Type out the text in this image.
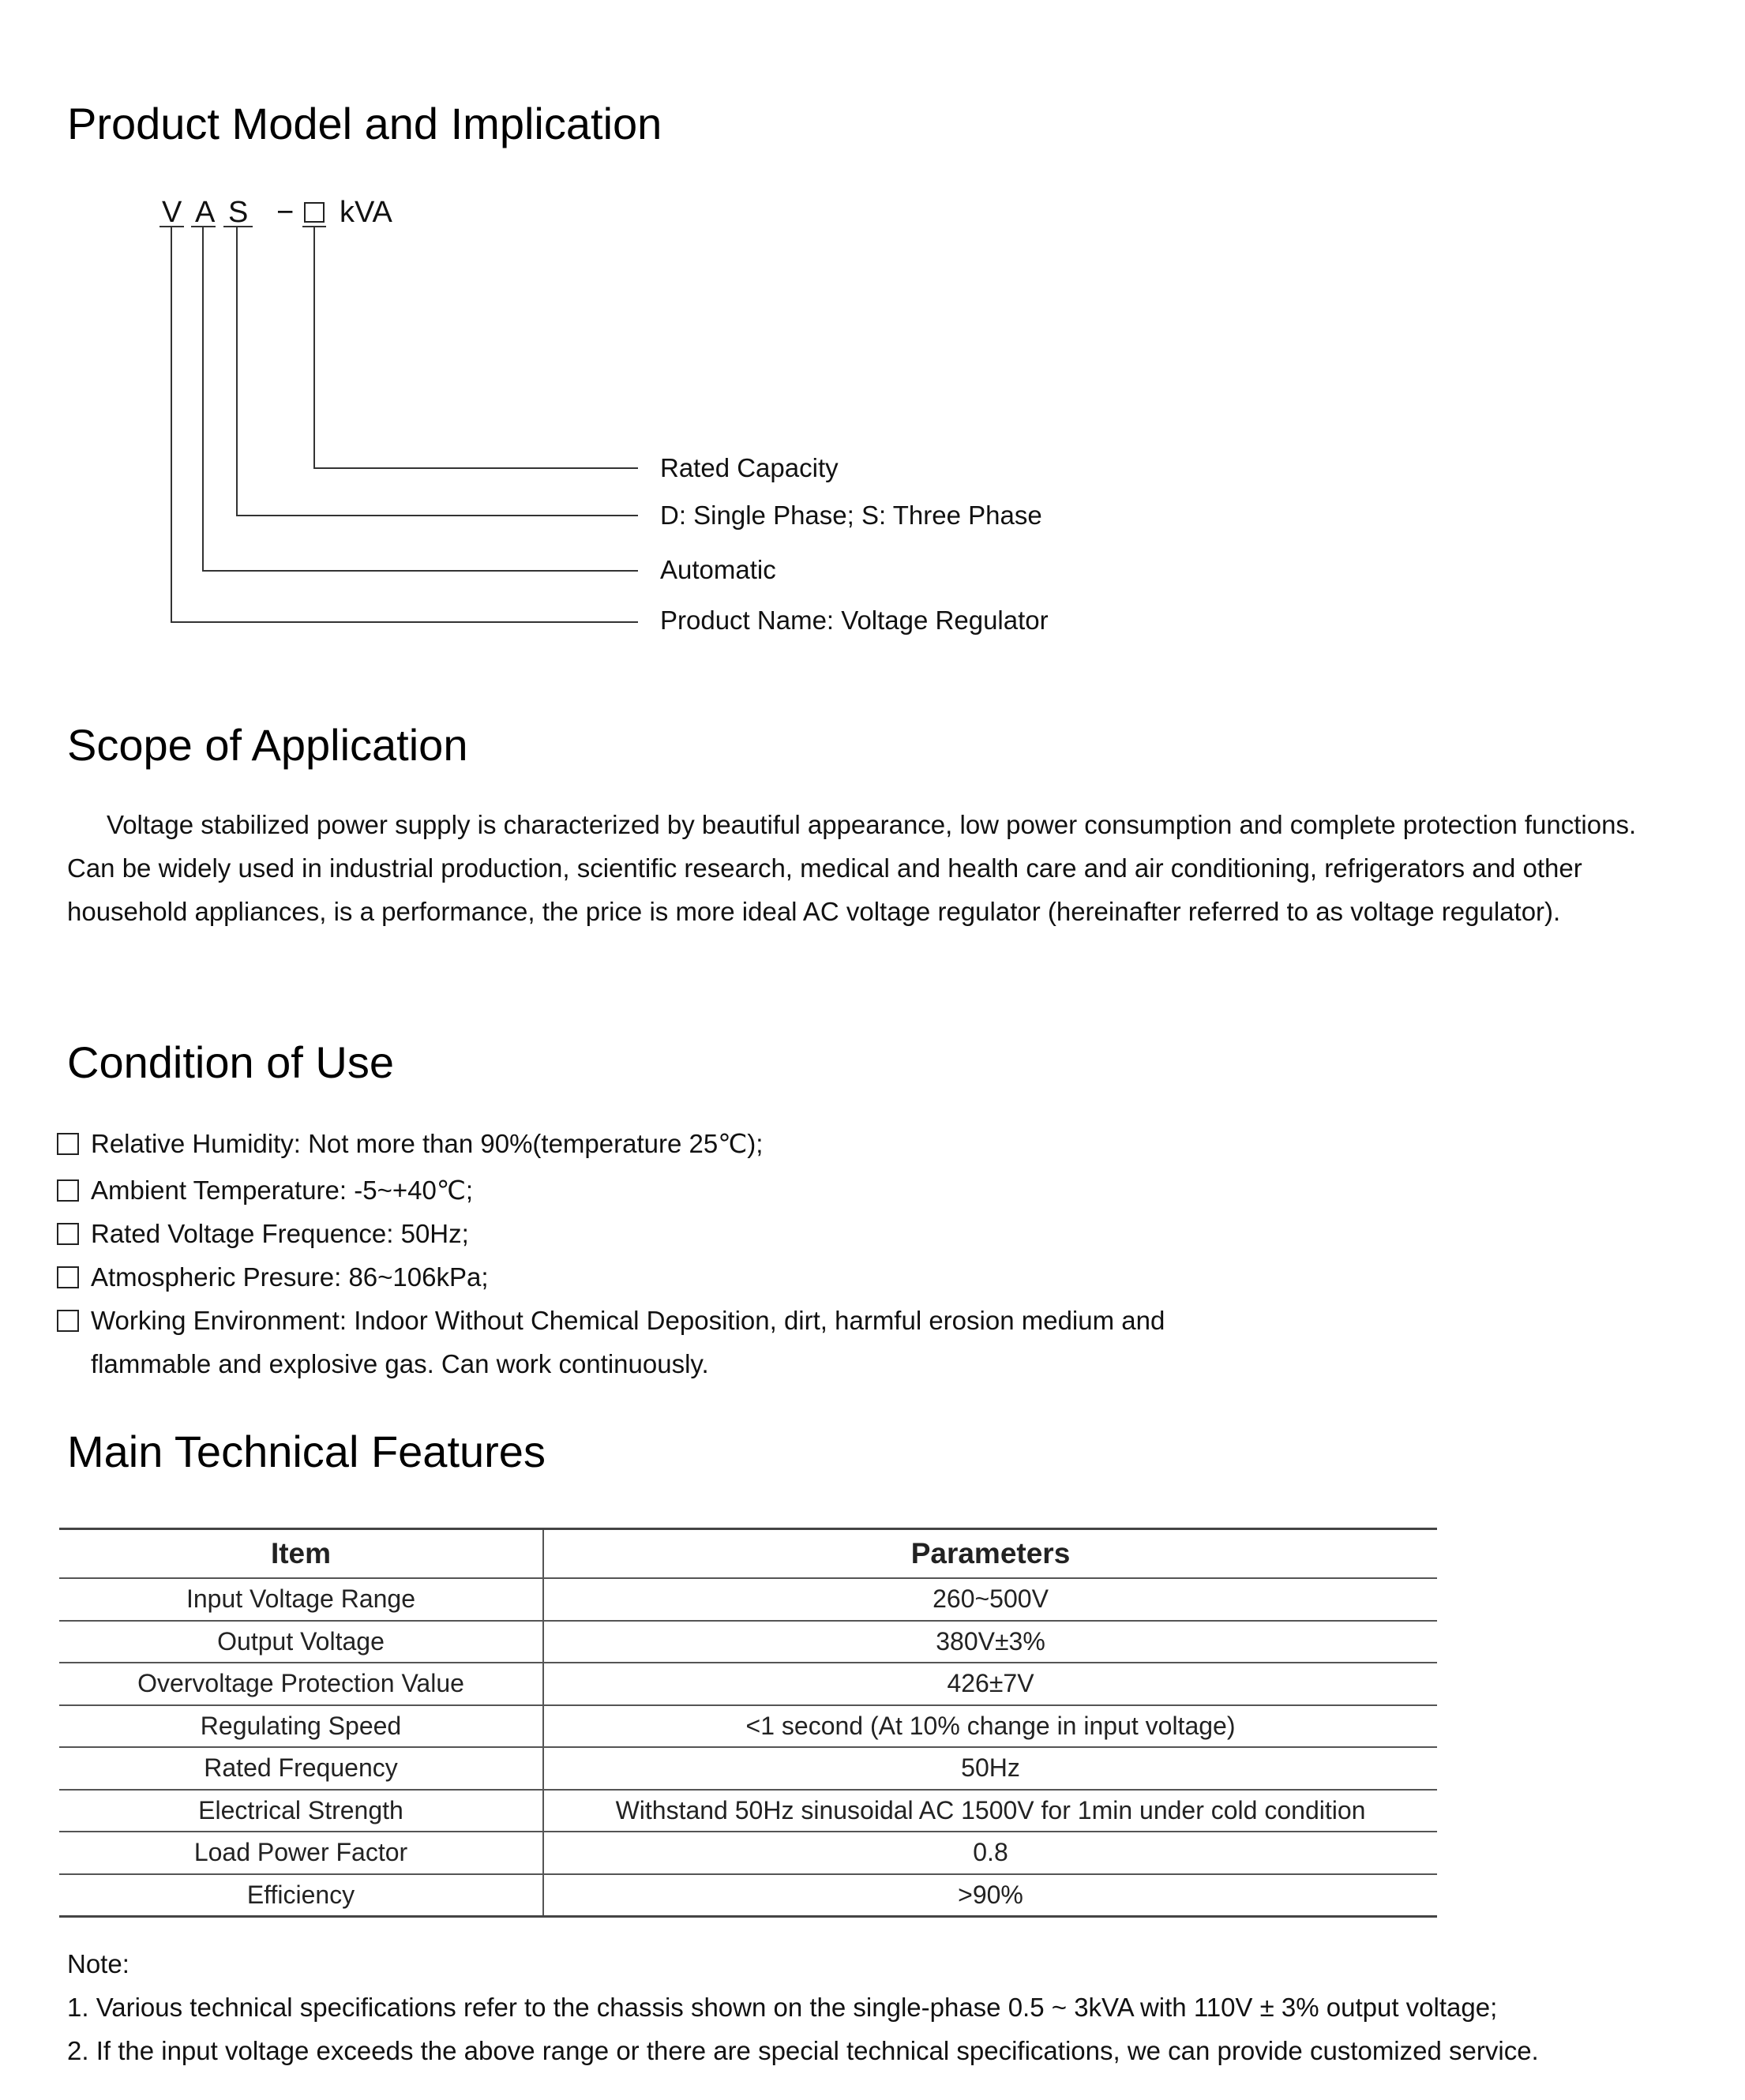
Product Model and Implication
V A S − kVA
Rated Capacity
D: Single Phase; S: Three Phase
Automatic
Product Name: Voltage Regulator
Scope of Application

Voltage stabilized power supply is characterized by beautiful appearance, low power consumption and complete protection functions. Can be widely used in industrial production, scientific research, medical and health care and air conditioning, refrigerators and other household appliances, is a performance, the price is more ideal AC voltage regulator (hereinafter referred to as voltage regulator).

Condition of Use
Relative Humidity: Not more than 90%(temperature 25℃);
Ambient Temperature: -5~+40℃;
Rated Voltage Frequence: 50Hz;
Atmospheric Presure: 86~106kPa;
Working Environment: Indoor Without Chemical Deposition, dirt, harmful erosion medium and flammable and explosive gas. Can work continuously.
Main Technical Features
Item	Parameters
Input Voltage Range	260~500V
Output Voltage	380V±3%
Overvoltage Protection Value	426±7V
Regulating Speed	<1 second (At 10% change in input voltage)
Rated Frequency	50Hz
Electrical Strength	Withstand 50Hz sinusoidal AC 1500V for 1min under cold condition
Load Power Factor	0.8
Efficiency	>90%
Note:
1. Various technical specifications refer to the chassis shown on the single-phase 0.5 ~ 3kVA with 110V ± 3% output voltage;
2. If the input voltage exceeds the above range or there are special technical specifications, we can provide customized service.
